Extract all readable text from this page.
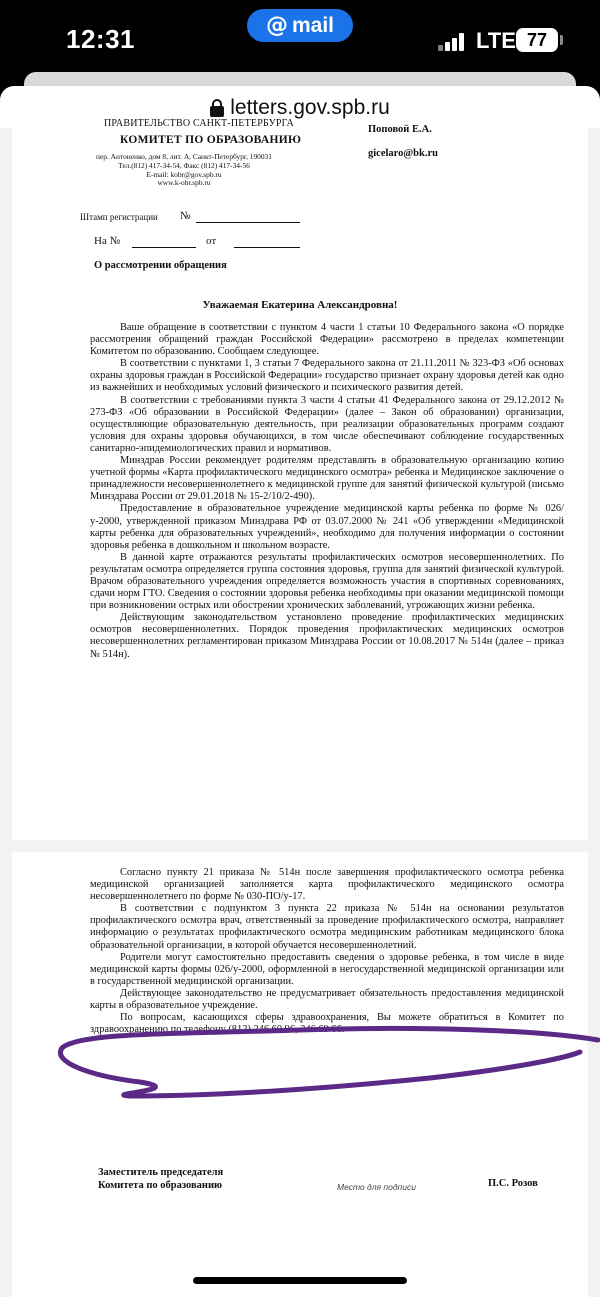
12:31	@ mail
LTE 77
letters.gov.spb.ru
ПРАВИТЕЛЬСТВО САНКТ-ПЕТЕРБУРГА
КОМИТЕТ ПО ОБРАЗОВАНИЮ
пер. Антоненко, дом 8, лит. А, Санкт-Петербург, 190031
Тел.(812) 417-34-54, Факс (812) 417-34-56
E-mail: kobr@gov.spb.ru
www.k-obr.spb.ru
Поповой Е.А.
gicelaro@bk.ru
Штамп регистрации №
На №	от
О рассмотрении обращения
Уважаемая Екатерина Александровна!

Ваше обращение в соответствии с пунктом 4 части 1 статьи 10 Федерального закона «О порядке рассмотрения обращений граждан Российской Федерации» рассмотрено в пределах компетенции Комитетом по образованию. Сообщаем следующее.

В соответствии с пунктами 1, 3 статьи 7 Федерального закона от 21.11.2011 № 323-ФЗ «Об основах охраны здоровья граждан в Российской Федерации» государство признает охрану здоровья детей как одно из важнейших и необходимых условий физического и психического развития детей.

В соответствии с требованиями пункта 3 части 4 статьи 41 Федерального закона от 29.12.2012 № 273-ФЗ «Об образовании в Российской Федерации» (далее – Закон об образовании) организации, осуществляющие образовательную деятельность, при реализации образовательных программ создают условия для охраны здоровья обучающихся, в том числе обеспечивают соблюдение государственных санитарно-эпидемиологических правил и нормативов.

Минздрав России рекомендует родителям представлять в образовательную организацию копию учетной формы «Карта профилактического медицинского осмотра» ребенка и Медицинское заключение о принадлежности несовершеннолетнего к медицинской группе для занятий физической культурой (письмо Минздрава России от 29.01.2018 № 15-2/10/2-490).

Предоставление в образовательное учреждение медицинской карты ребенка по форме № 026/у-2000, утвержденной приказом Минздрава РФ от 03.07.2000 № 241 «Об утверждении «Медицинской карты ребенка для образовательных учреждений», необходимо для получения информации о состоянии здоровья ребенка в дошкольном и школьном возрасте.

В данной карте отражаются результаты профилактических осмотров несовершеннолетних. По результатам осмотра определяется группа состояния здоровья, группа для занятий физической культурой. Врачом образовательного учреждения определяется возможность участия в спортивных соревнованиях, сдачи норм ГТО. Сведения о состоянии здоровья ребенка необходимы при оказании медицинской помощи при возникновении острых или обострении хронических заболеваний, угрожающих жизни ребенка.

Действующим законодательством установлено проведение профилактических медицинских осмотров несовершеннолетних. Порядок проведения профилактических медицинских осмотров несовершеннолетних регламентирован приказом Минздрава России от 10.08.2017 № 514н (далее – приказ № 514н).

Согласно пункту 21 приказа № 514н после завершения профилактического осмотра ребенка медицинской организацией заполняется карта профилактического медицинского осмотра несовершеннолетнего по форме № 030-ПО/у-17.

В соответствии с подпунктом 3 пункта 22 приказа № 514н на основании результатов профилактического осмотра врач, ответственный за проведение профилактического осмотра, направляет информацию о результатах профилактического осмотра медицинским работникам медицинского блока образовательной организации, в которой обучается несовершеннолетний.

Родители могут самостоятельно предоставить сведения о здоровье ребенка, в том числе в виде медицинской карты формы 026/у-2000, оформленной в негосударственной медицинской организации или в государственной медицинской организации.

Действующее законодательство не предусматривает обязательность предоставления медицинской карты в образовательное учреждение.

По вопросам, касающихся сферы здравоохранения, Вы можете обратиться в Комитет по здравоохранению по телефону (812) 246 60 96, 246 69 66.

Заместитель председателя
Комитета по образованию	Место для подписи	П.С. Розов
